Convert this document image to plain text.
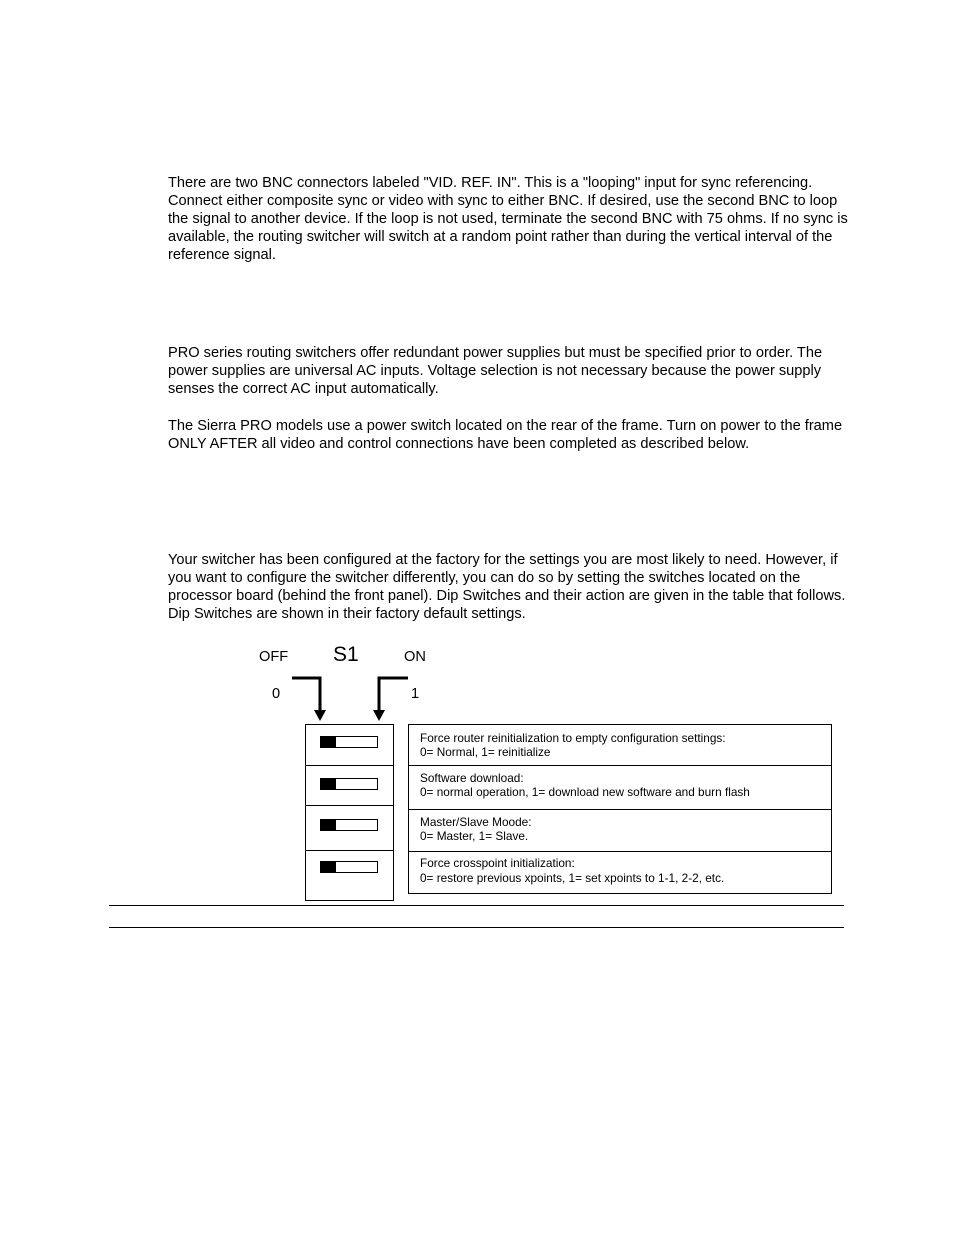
There are two BNC connectors labeled "VID. REF. IN". This is a "looping" input for sync referencing. Connect either composite sync or video with sync to either BNC. If desired, use the second BNC to loop the signal to another device. If the loop is not used, terminate the second BNC with 75 ohms. If no sync is available, the routing switcher will switch at a random point rather than during the vertical interval of the reference signal.

PRO series routing switchers offer redundant power supplies but must be specified prior to order. The power supplies are universal AC inputs. Voltage selection is not necessary because the power supply senses the correct AC input automatically.

The Sierra PRO models use a power switch located on the rear of the frame. Turn on power to the frame ONLY AFTER all video and control connections have been completed as described below.

Your switcher has been configured at the factory for the settings you are most likely to need. However, if you want to configure the switcher differently, you can do so by setting the switches located on the processor board (behind the front panel). Dip Switches and their action are given in the table that follows. Dip Switches are shown in their factory default settings.

OFF S1	ON
0	1
Force router reinitialization to empty configuration settings:
0= Normal, 1= reinitialize
Software download:
0= normal operation, 1= download new software and burn flash
Master/Slave Moode:
0= Master, 1= Slave.
Force crosspoint initialization:
0= restore previous xpoints, 1= set xpoints to 1-1, 2-2, etc.
